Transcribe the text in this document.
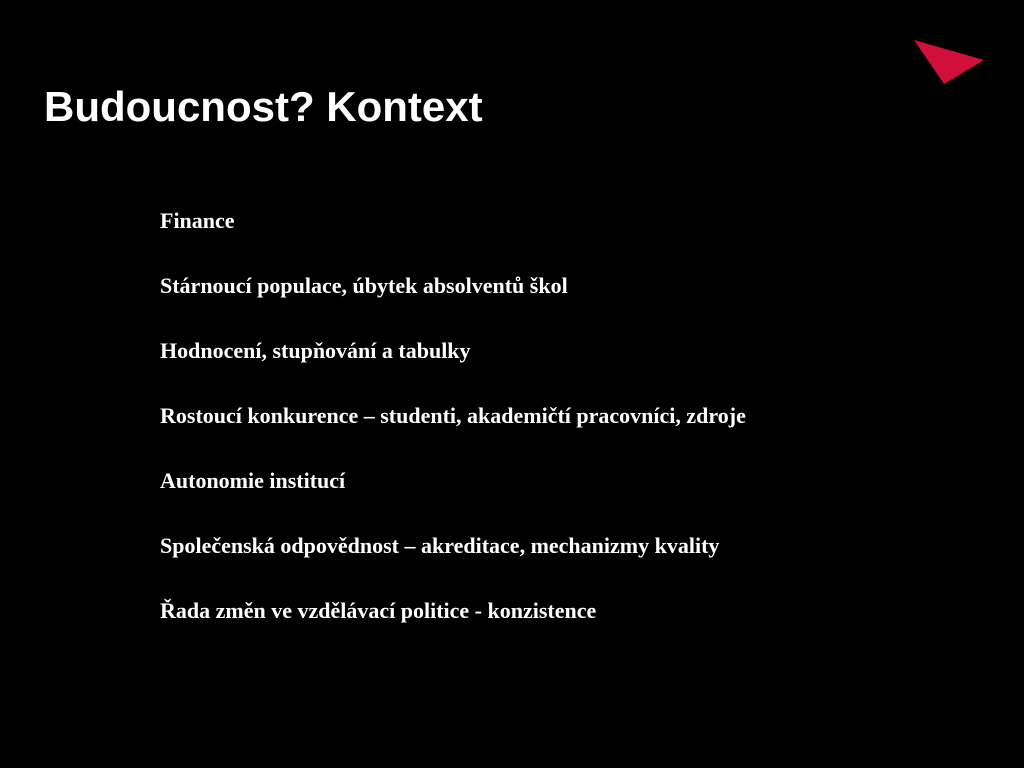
Budoucnost? Kontext
Finance
Stárnoucí populace, úbytek absolventů škol
Hodnocení, stupňování a tabulky
Rostoucí konkurence – studenti, akademičtí pracovníci, zdroje
Autonomie institucí
Společenská odpovědnost – akreditace, mechanizmy kvality
Řada změn ve vzdělávací politice - konzistence
